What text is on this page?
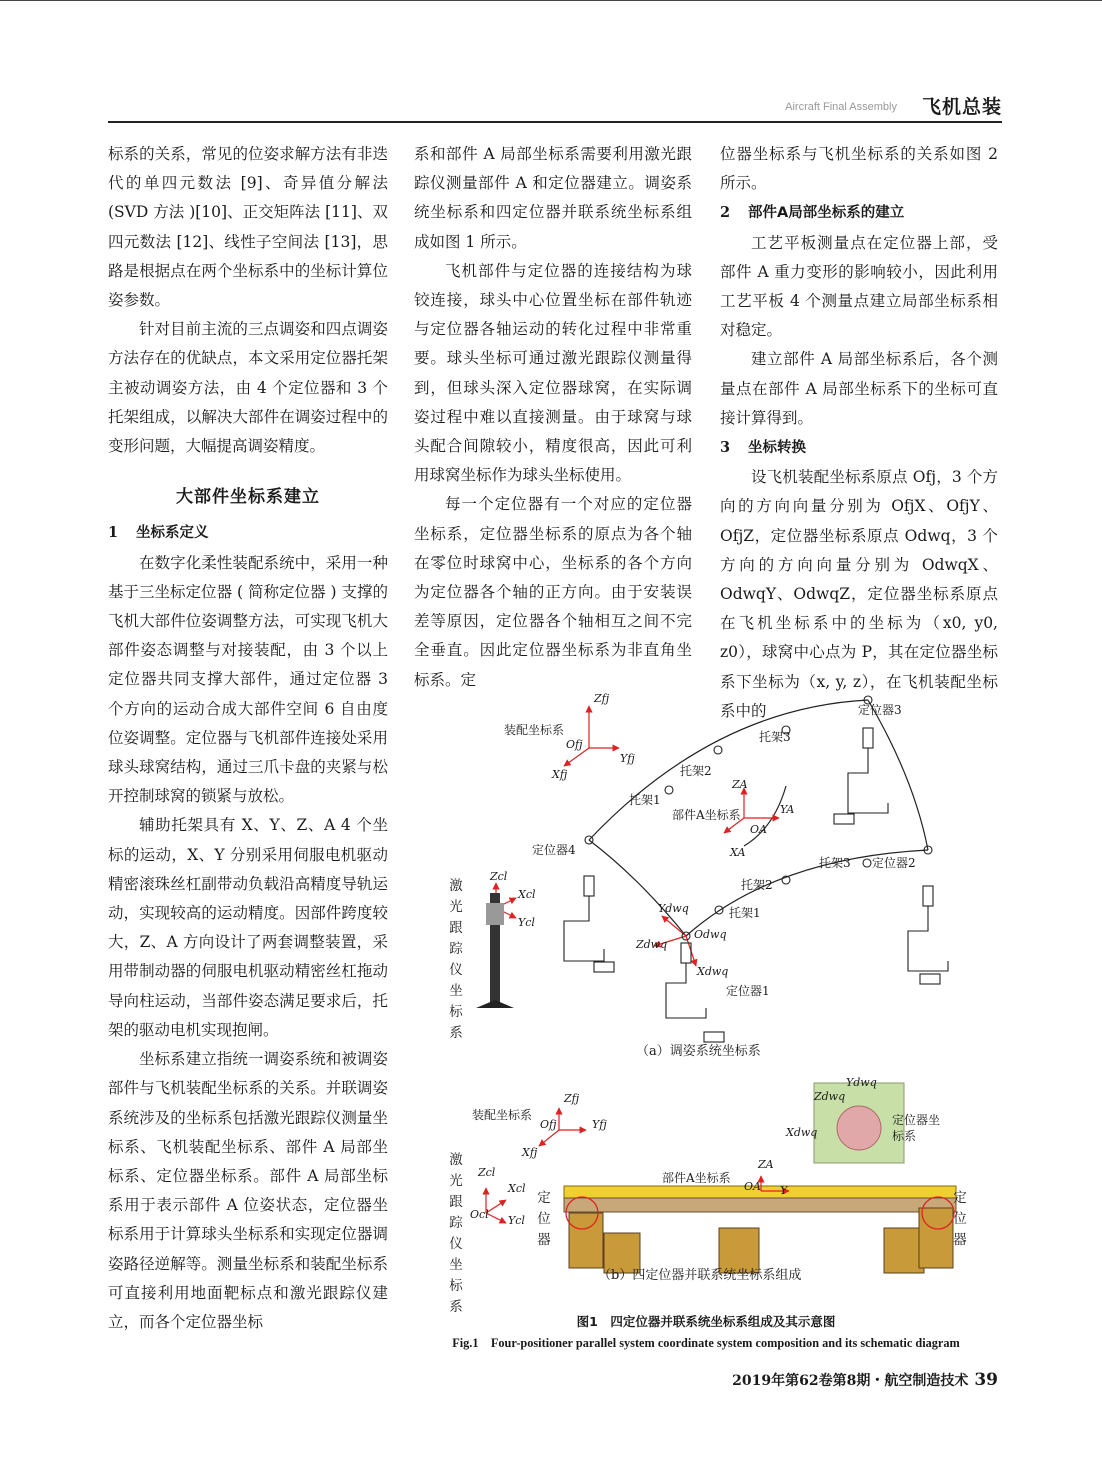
Aircraft Final Assembly 飞机总装

标系的关系，常见的位姿求解方法有非迭代的单四元数法 [9]、奇异值分解法 (SVD 方法 )[10]、正交矩阵法 [11]、双四元数法 [12]、线性子空间法 [13]，思路是根据点在两个坐标系中的坐标计算位姿参数。

针对目前主流的三点调姿和四点调姿方法存在的优缺点，本文采用定位器托架主被动调姿方法，由 4 个定位器和 3 个托架组成，以解决大部件在调姿过程中的变形问题，大幅提高调姿精度。

大部件坐标系建立
1 坐标系定义

在数字化柔性装配系统中，采用一种基于三坐标定位器 ( 简称定位器 ) 支撑的飞机大部件位姿调整方法，可实现飞机大部件姿态调整与对接装配，由 3 个以上定位器共同支撑大部件，通过定位器 3 个方向的运动合成大部件空间 6 自由度位姿调整。定位器与飞机部件连接处采用球头球窝结构，通过三爪卡盘的夹紧与松开控制球窝的锁紧与放松。

辅助托架具有 X、Y、Z、A 4 个坐标的运动，X、Y 分别采用伺服电机驱动精密滚珠丝杠副带动负载沿高精度导轨运动，实现较高的运动精度。因部件跨度较大，Z、A 方向设计了两套调整装置，采用带制动器的伺服电机驱动精密丝杠拖动导向柱运动，当部件姿态满足要求后，托架的驱动电机实现抱闸。

坐标系建立指统一调姿系统和被调姿部件与飞机装配坐标系的关系。并联调姿系统涉及的坐标系包括激光跟踪仪测量坐标系、飞机装配坐标系、部件 A 局部坐标系、定位器坐标系。部件 A 局部坐标系用于表示部件 A 位姿状态，定位器坐标系用于计算球头坐标系和实现定位器调姿路径逆解等。测量坐标系和装配坐标系可直接利用地面靶标点和激光跟踪仪建立，而各个定位器坐标

系和部件 A 局部坐标系需要利用激光跟踪仪测量部件 A 和定位器建立。调姿系统坐标系和四定位器并联系统坐标系组成如图 1 所示。

飞机部件与定位器的连接结构为球铰连接，球头中心位置坐标在部件轨迹与定位器各轴运动的转化过程中非常重要。球头坐标可通过激光跟踪仪测量得到，但球头深入定位器球窝，在实际调姿过程中难以直接测量。由于球窝与球头配合间隙较小，精度很高，因此可利用球窝坐标作为球头坐标使用。

每一个定位器有一个对应的定位器坐标系，定位器坐标系的原点为各个轴在零位时球窝中心，坐标系的各个方向为定位器各个轴的正方向。由于安装误差等原因，定位器各个轴相互之间不完全垂直。因此定位器坐标系为非直角坐标系。定

位器坐标系与飞机坐标系的关系如图 2 所示。

2 部件A局部坐标系的建立

工艺平板测量点在定位器上部，受部件 A 重力变形的影响较小，因此利用工艺平板 4 个测量点建立局部坐标系相对稳定。

建立部件 A 局部坐标系后，各个测量点在部件 A 局部坐标系下的坐标可直接计算得到。

3 坐标转换

设飞机装配坐标系原点 Ofj，3 个方向的方向向量分别为 OfjX、OfjY、OfjZ，定位器坐标系原点 Odwq，3 个方向的方向向量分别为 OdwqX、OdwqY、OdwqZ，定位器坐标系原点在飞机坐标系中的坐标为（x0, y0, z0），球窝中心点为 P，其在定位器坐标系下坐标为（x, y, z），在飞机装配坐标系中的

装配坐标系
Ofj
Zfj
Yfj
Xfj
定位器3
托架3
托架2
托架1
部件A坐标系
ZA
YA
OA
XA
定位器4
托架3 定位器2
托架2
托架1
Ydwq
Odwq
Zdwq
Xdwq
定位器1
激光跟踪仪坐标系
Zcl
Xcl
Ycl
（a）调姿系统坐标系
装配坐标系
Ofj
Zfj
Yfj
Xfj
激光跟踪仪坐标系
Zcl
Xcl
Ocl Ycl
部件A坐标系
ZA
OA Y
定位器
定位器
定位器坐标系
Zdwq
Ydwq
Xdwq
（b）四定位器并联系统坐标系组成
图1　四定位器并联系统坐标系组成及其示意图
Fig.1　Four-positioner parallel system coordinate system composition and its schematic diagram
2019年第62卷第8期・航空制造技术 39
